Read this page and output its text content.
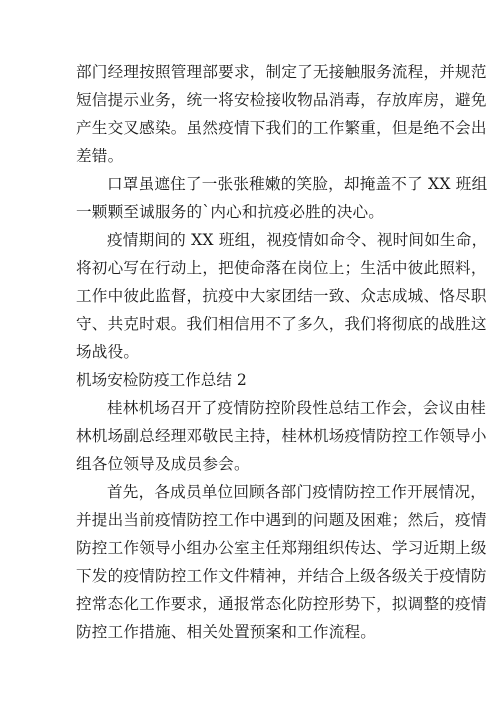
部门经理按照管理部要求，制定了无接触服务流程，并规范
短信提示业务，统一将安检接收物品消毒，存放库房，避免
产生交叉感染。虽然疫情下我们的工作繁重，但是绝不会出
差错。

口罩虽遮住了一张张稚嫩的笑脸，却掩盖不了 XX 班组
一颗颗至诚服务的`内心和抗疫必胜的决心。

疫情期间的 XX 班组，视疫情如命令、视时间如生命，
将初心写在行动上，把使命落在岗位上；生活中彼此照料，
工作中彼此监督，抗疫中大家团结一致、众志成城、恪尽职
守、共克时艰。我们相信用不了多久，我们将彻底的战胜这
场战役。

机场安检防疫工作总结 2

桂林机场召开了疫情防控阶段性总结工作会，会议由桂
林机场副总经理邓敬民主持，桂林机场疫情防控工作领导小
组各位领导及成员参会。

首先，各成员单位回顾各部门疫情防控工作开展情况，
并提出当前疫情防控工作中遇到的问题及困难；然后，疫情
防控工作领导小组办公室主任郑翔组织传达、学习近期上级
下发的疫情防控工作文件精神，并结合上级各级关于疫情防
控常态化工作要求，通报常态化防控形势下，拟调整的疫情
防控工作措施、相关处置预案和工作流程。
